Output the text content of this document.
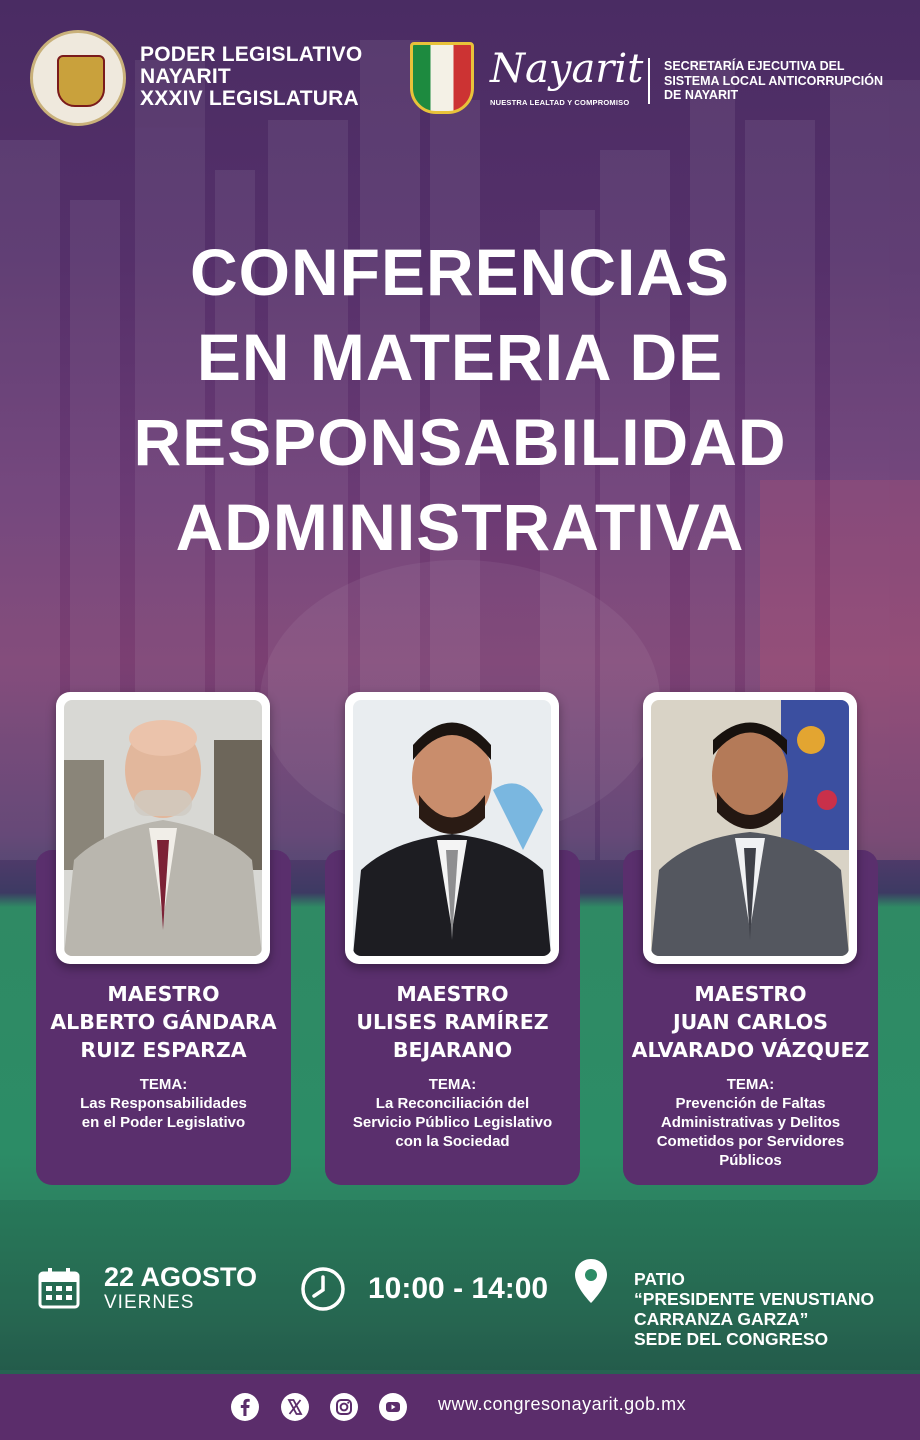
PODER LEGISLATIVO
NAYARIT
XXXIV LEGISLATURA
Nayarit
NUESTRA LEALTAD Y COMPROMISO
SECRETARÍA EJECUTIVA DEL
SISTEMA LOCAL ANTICORRUPCIÓN
DE NAYARIT
CONFERENCIAS
EN MATERIA DE
RESPONSABILIDAD
ADMINISTRATIVA
MAESTRO
ALBERTO GÁNDARA
RUIZ ESPARZA
TEMA:
Las Responsabilidades
en el Poder Legislativo
MAESTRO
ULISES RAMÍREZ
BEJARANO
TEMA:
La Reconciliación del
Servicio Público Legislativo
con la Sociedad
MAESTRO
JUAN CARLOS
ALVARADO VÁZQUEZ
TEMA:
Prevención de Faltas
Administrativas y Delitos
Cometidos por Servidores
Públicos
22 AGOSTO
VIERNES	10:00 - 14:00	PATIO
“PRESIDENTE VENUSTIANO
CARRANZA GARZA”
SEDE DEL CONGRESO
www.congresonayarit.gob.mx
